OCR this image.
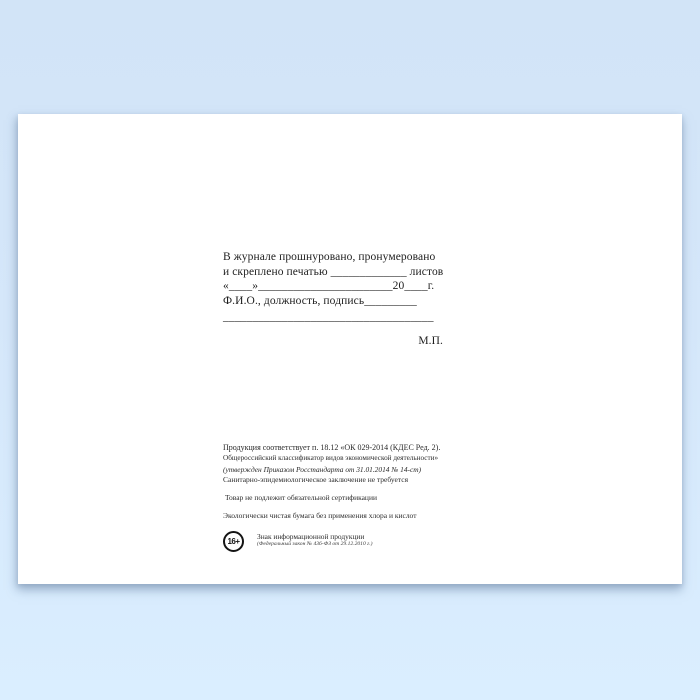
В журнале прошнуровано, пронумеровано
и скреплено печатью _____________ листов
«____»_______________________20____г.
Ф.И.О., должность, подпись_________
____________________________________
М.П.
Продукция соответствует п. 18.12 «ОК 029-2014 (КДЕС Ред. 2).
Общероссийский классификатор видов экономической деятельности»
(утвержден Приказом Росстандарта от 31.01.2014 № 14-ст)
Санитарно-эпидемиологическое заключение не требуется
Товар не подлежит обязательной сертификации
Экологически чистая бумага без применения хлора и кислот
16+
Знак информационной продукции
(Федеральный закон № 436-ФЗ от 29.12.2010 г.)
